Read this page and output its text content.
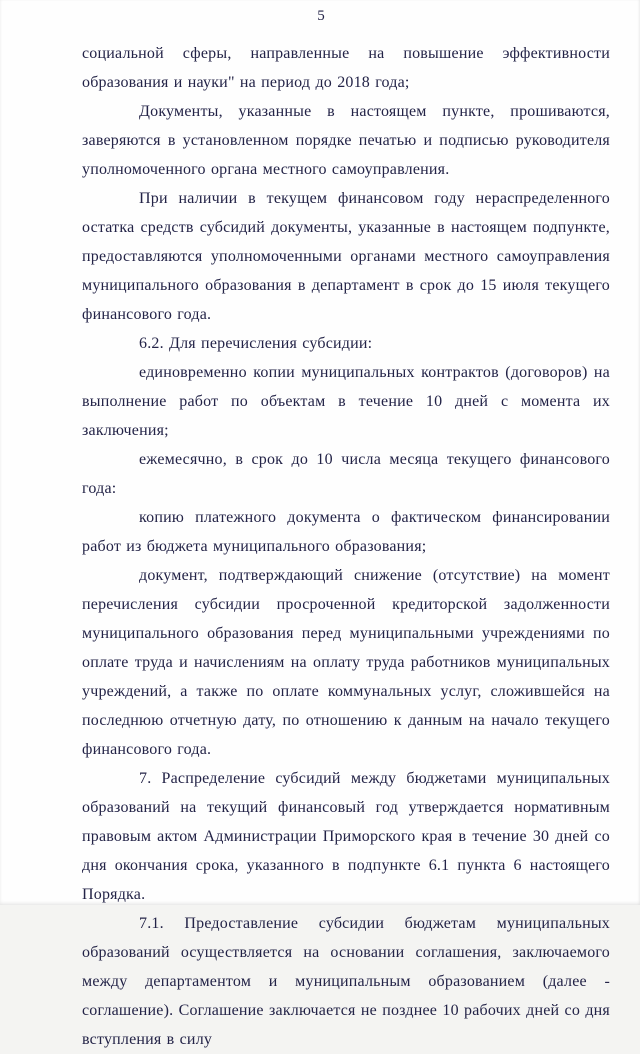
5

социальной сферы, направленные на повышение эффективности образования и науки" на период до 2018 года;

Документы, указанные в настоящем пункте, прошиваются, заверяются в установленном порядке печатью и подписью руководителя уполномоченного органа местного самоуправления.

При наличии в текущем финансовом году нераспределенного остатка средств субсидий документы, указанные в настоящем подпункте, предоставляются уполномоченными органами местного самоуправления муниципального образования в департамент в срок до 15 июля текущего финансового года.

6.2. Для перечисления субсидии:

единовременно копии муниципальных контрактов (договоров) на выполнение работ по объектам в течение 10 дней с момента их заключения;

ежемесячно, в срок до 10 числа месяца текущего финансового года:

копию платежного документа о фактическом финансировании работ из бюджета муниципального образования;

документ, подтверждающий снижение (отсутствие) на момент перечисления субсидии просроченной кредиторской задолженности муниципального образования перед муниципальными учреждениями по оплате труда и начислениям на оплату труда работников муниципальных учреждений, а также по оплате коммунальных услуг, сложившейся на последнюю отчетную дату, по отношению к данным на начало текущего финансового года.

7. Распределение субсидий между бюджетами муниципальных образований на текущий финансовый год утверждается нормативным правовым актом Администрации Приморского края в течение 30 дней со дня окончания срока, указанного в подпункте 6.1 пункта 6 настоящего Порядка.

7.1. Предоставление субсидии бюджетам муниципальных образований осуществляется на основании соглашения, заключаемого между департаментом и муниципальным образованием (далее - соглашение). Соглашение заключается не позднее 10 рабочих дней со дня вступления в силу
